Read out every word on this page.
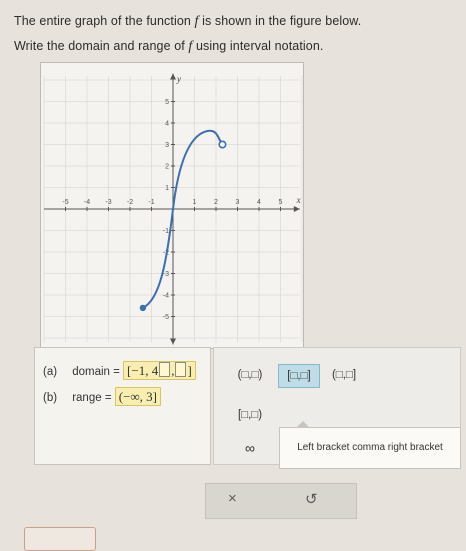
The entire graph of the function f is shown in the figure below.
Write the domain and range of f using interval notation.
x
y
-5 -4 -3 -2 -1	1	2	3	4	5
5
4
3
2
1
-1
-2
-3
-4
-5
(a) domain = [−1, 4 , ]
(b) range = (−∞, 3]
(□,□)	[□,□]	(□,□]
[□,□)
∞	Left bracket comma right bracket
×	↺
